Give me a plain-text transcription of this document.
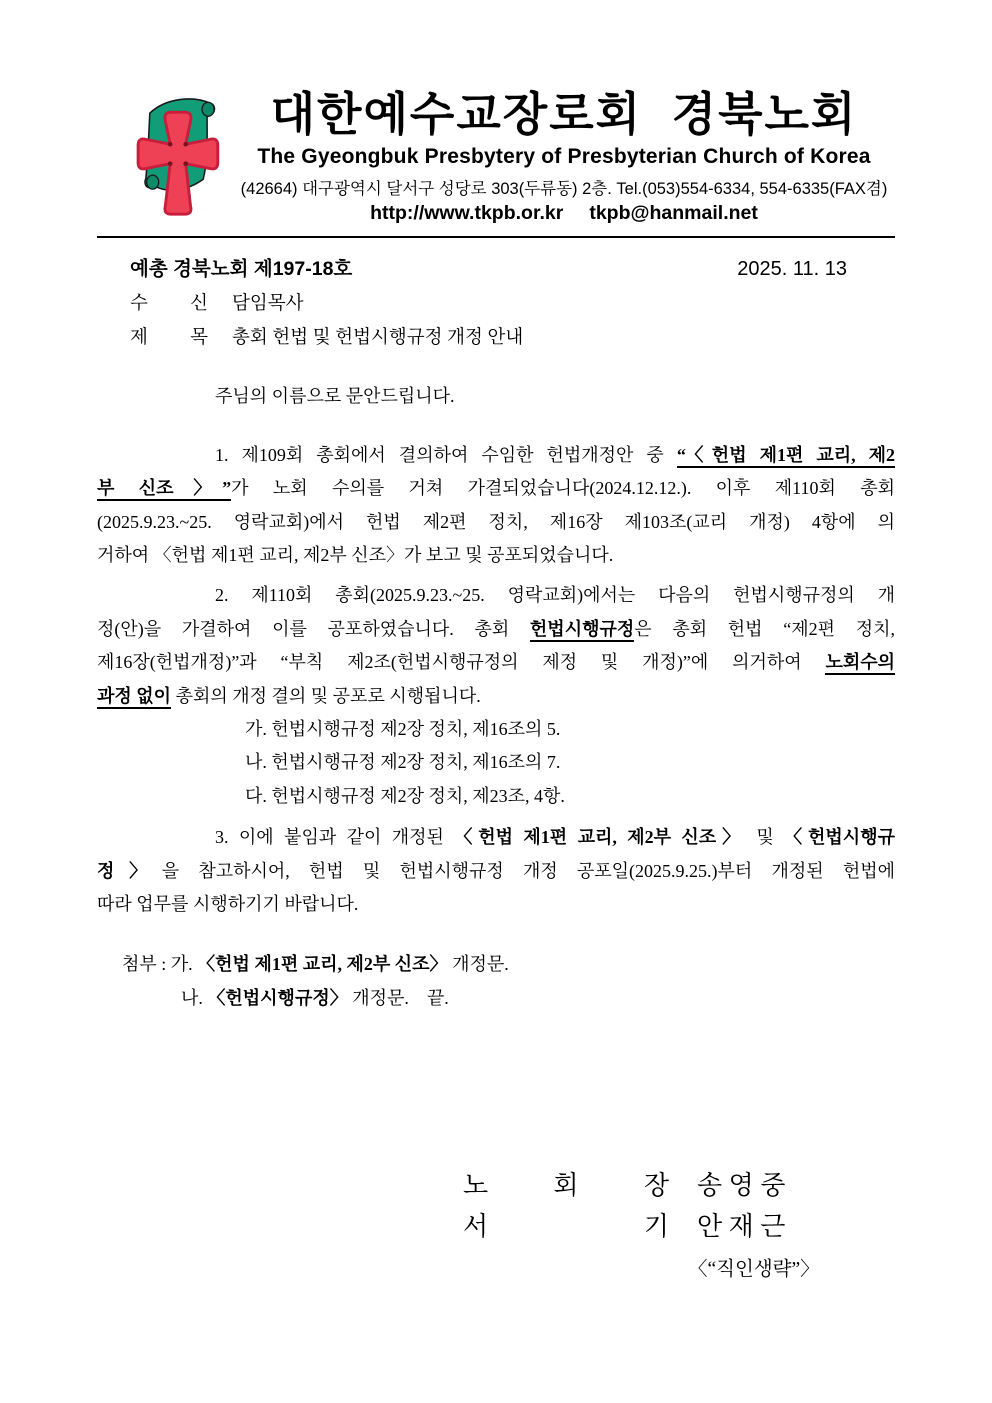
대한예수교장로회  경북노회
The Gyeongbuk Presbytery of Presbyterian Church of Korea
(42664) 대구광역시 달서구 성당로 303(두류동) 2층. Tel.(053)554-6334, 554-6335(FAX겸)
http://www.tkpb.or.kr tkpb@hanmail.net
예총 경북노회 제197-18호	2025. 11. 13
수 신 담임목사
제 목 총회 헌법 및 헌법시행규정 개정 안내
주님의 이름으로 문안드립니다.
1. 제109회 총회에서 결의하여 수임한 헌법개정안 중 “〈헌법 제1편 교리, 제2
부 신조〉”가 노회 수의를 거쳐 가결되었습니다(2024.12.12.). 이후 제110회 총회
(2025.9.23.~25. 영락교회)에서 헌법 제2편 정치, 제16장 제103조(교리 개정) 4항에 의
거하여 〈헌법 제1편 교리, 제2부 신조〉가 보고 및 공포되었습니다.
2. 제110회 총회(2025.9.23.~25. 영락교회)에서는 다음의 헌법시행규정의 개
정(안)을 가결하여 이를 공포하였습니다. 총회 헌법시행규정은 총회 헌법 “제2편 정치,
제16장(헌법개정)”과 “부칙 제2조(헌법시행규정의 제정 및 개정)”에 의거하여 노회수의
과정 없이 총회의 개정 결의 및 공포로 시행됩니다.
가. 헌법시행규정 제2장 정치, 제16조의 5.
나. 헌법시행규정 제2장 정치, 제16조의 7.
다. 헌법시행규정 제2장 정치, 제23조, 4항.
3. 이에 붙임과 같이 개정된 〈헌법 제1편 교리, 제2부 신조〉 및 〈헌법시행규
정〉을 참고하시어, 헌법 및 헌법시행규정 개정 공포일(2025.9.25.)부터 개정된 헌법에
따라 업무를 시행하기기 바랍니다.
첨부 : 가. 〈헌법 제1편 교리, 제2부 신조〉 개정문.
나. 〈헌법시행규정〉 개정문.    끝.
노 회 장 송 영 중
서 기 안 재 근
〈“직인생략”〉
